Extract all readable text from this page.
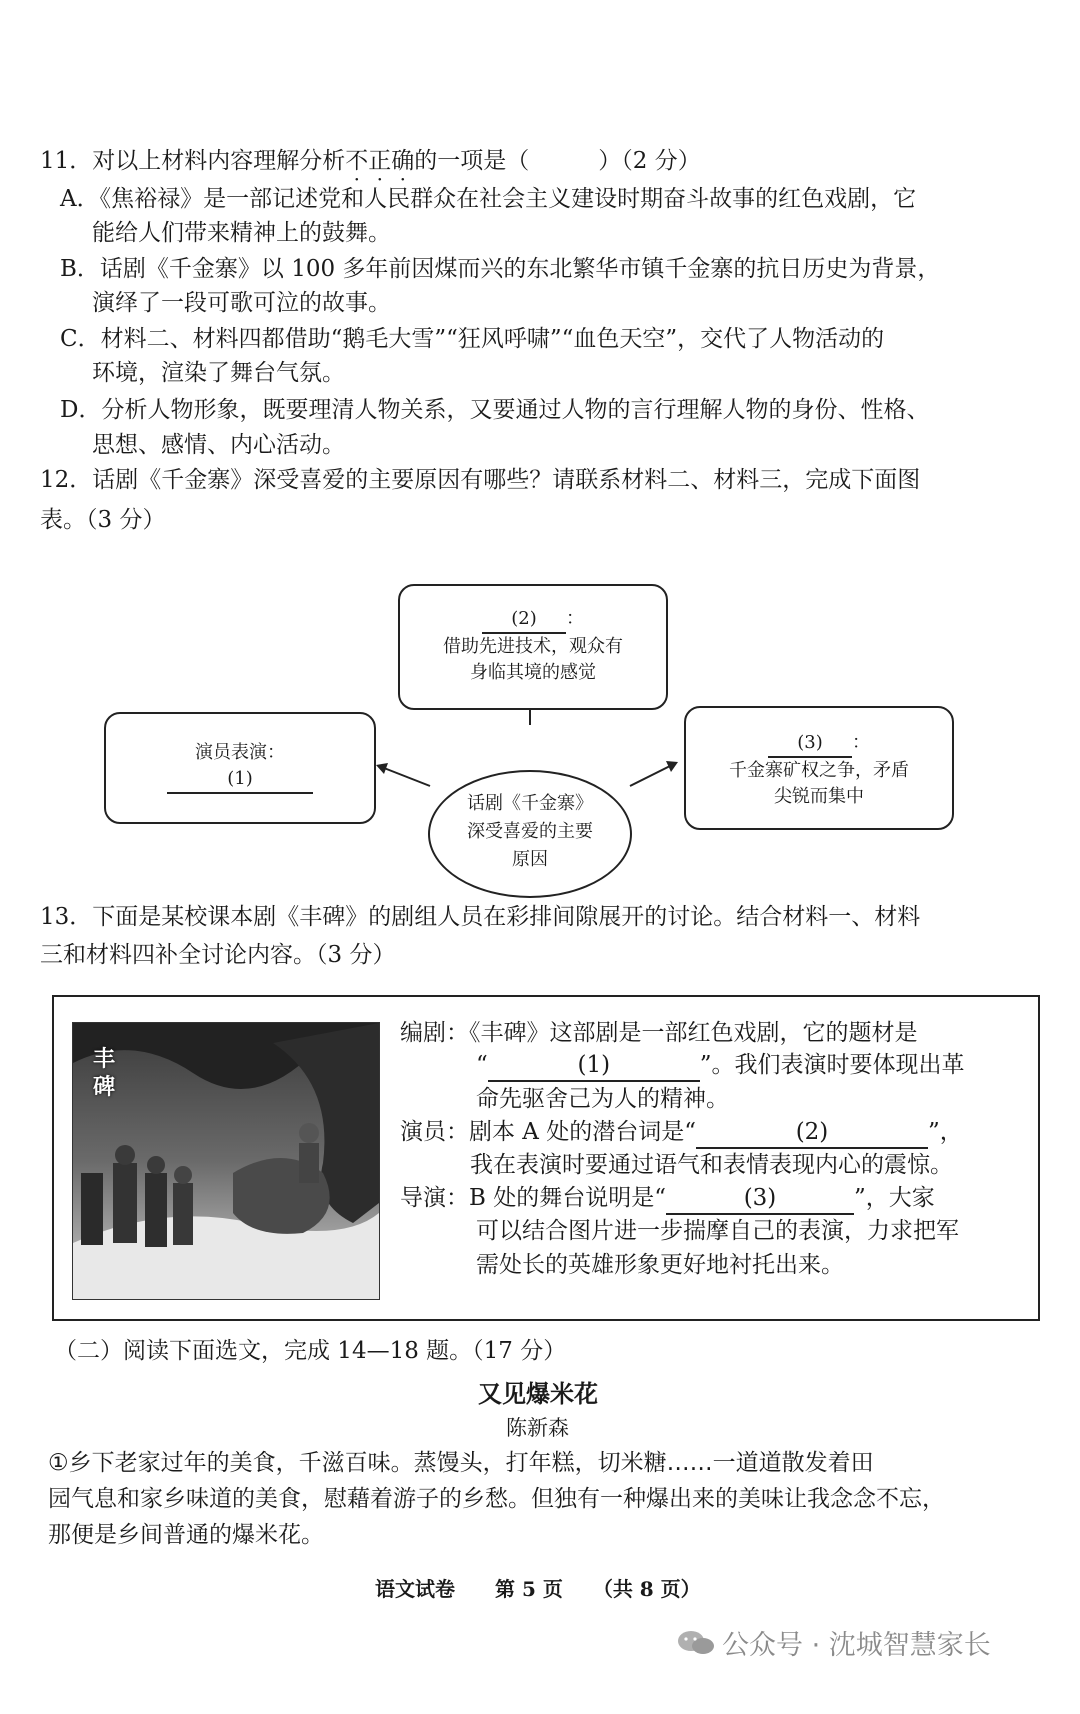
11．对以上材料内容理解分析不正确的一项是（　　　）（2 分）
A．《焦裕禄》是一部记述党和人民群众在社会主义建设时期奋斗故事的红色戏剧，它
能给人们带来精神上的鼓舞。
B．话剧《千金寨》以 100 多年前因煤而兴的东北繁华市镇千金寨的抗日历史为背景，
演绎了一段可歌可泣的故事。
C．材料二、材料四都借助“鹅毛大雪”“狂风呼啸”“血色天空”，交代了人物活动的
环境，渲染了舞台气氛。
D．分析人物形象，既要理清人物关系，又要通过人物的言行理解人物的身份、性格、
思想、感情、内心活动。
12．话剧《千金寨》深受喜爱的主要原因有哪些？请联系材料二、材料三，完成下面图
表。（3 分）
(2) ：
借助先进技术，观众有
身临其境的感觉
演员表演：
(1)
(3) ：
千金寨矿权之争，矛盾
尖锐而集中
话剧《千金寨》
深受喜爱的主要
原因
13．下面是某校课本剧《丰碑》的剧组人员在彩排间隙展开的讨论。结合材料一、材料
三和材料四补全讨论内容。（3 分）
丰
碑
编剧：《丰碑》这部剧是一部红色戏剧，它的题材是
“	(1)	”。我们表演时要体现出革
命先驱舍己为人的精神。
演员：剧本 A 处的潜台词是“	(2)	”，
我在表演时要通过语气和表情表现内心的震惊。
导演：B 处的舞台说明是“	(3)	”，大家
可以结合图片进一步揣摩自己的表演，力求把军
需处长的英雄形象更好地衬托出来。
（二）阅读下面选文，完成 14—18 题。（17 分）
又见爆米花
陈新森
①乡下老家过年的美食，千滋百味。蒸馒头，打年糕，切米糖……一道道散发着田
园气息和家乡味道的美食，慰藉着游子的乡愁。但独有一种爆出来的美味让我念念不忘，
那便是乡间普通的爆米花。
语文试卷　　第 5 页　　（共 8 页）
公众号 · 沈城智慧家长
